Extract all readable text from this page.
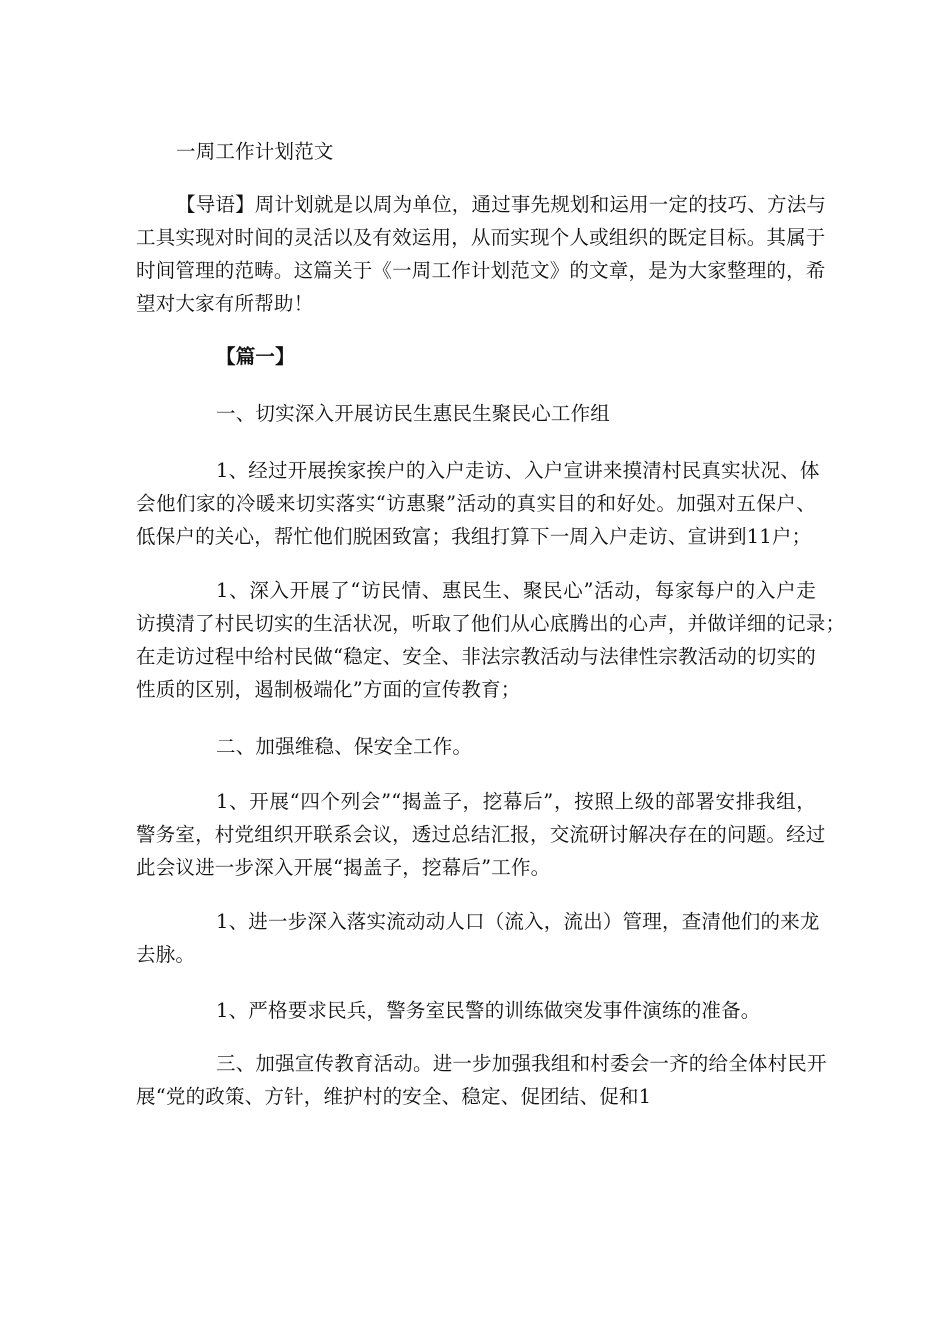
一周工作计划范文
【导语】周计划就是以周为单位，通过事先规划和运用一定的技巧、方法与
工具实现对时间的灵活以及有效运用，从而实现个人或组织的既定目标。其属于
时间管理的范畴。这篇关于《一周工作计划范文》的文章，是为大家整理的，希
望对大家有所帮助！
【篇一】
一、切实深入开展访民生惠民生聚民心工作组
1、经过开展挨家挨户的入户走访、入户宣讲来摸清村民真实状况、体
会他们家的冷暖来切实落实“访惠聚”活动的真实目的和好处。加强对五保户、
低保户的关心，帮忙他们脱困致富；我组打算下一周入户走访、宣讲到11户；
1、深入开展了“访民情、惠民生、聚民心”活动，每家每户的入户走
访摸清了村民切实的生活状况，听取了他们从心底腾出的心声，并做详细的记录；
在走访过程中给村民做“稳定、安全、非法宗教活动与法律性宗教活动的切实的
性质的区别，遏制极端化”方面的宣传教育；
二、加强维稳、保安全工作。
1、开展“四个列会”“揭盖子，挖幕后”，按照上级的部署安排我组，
警务室，村党组织开联系会议，透过总结汇报，交流研讨解决存在的问题。经过
此会议进一步深入开展“揭盖子，挖幕后”工作。
1、进一步深入落实流动动人口（流入，流出）管理，查清他们的来龙
去脉。
1、严格要求民兵，警务室民警的训练做突发事件演练的准备。
三、加强宣传教育活动。进一步加强我组和村委会一齐的给全体村民开
展“党的政策、方针，维护村的安全、稳定、促团结、促和1
